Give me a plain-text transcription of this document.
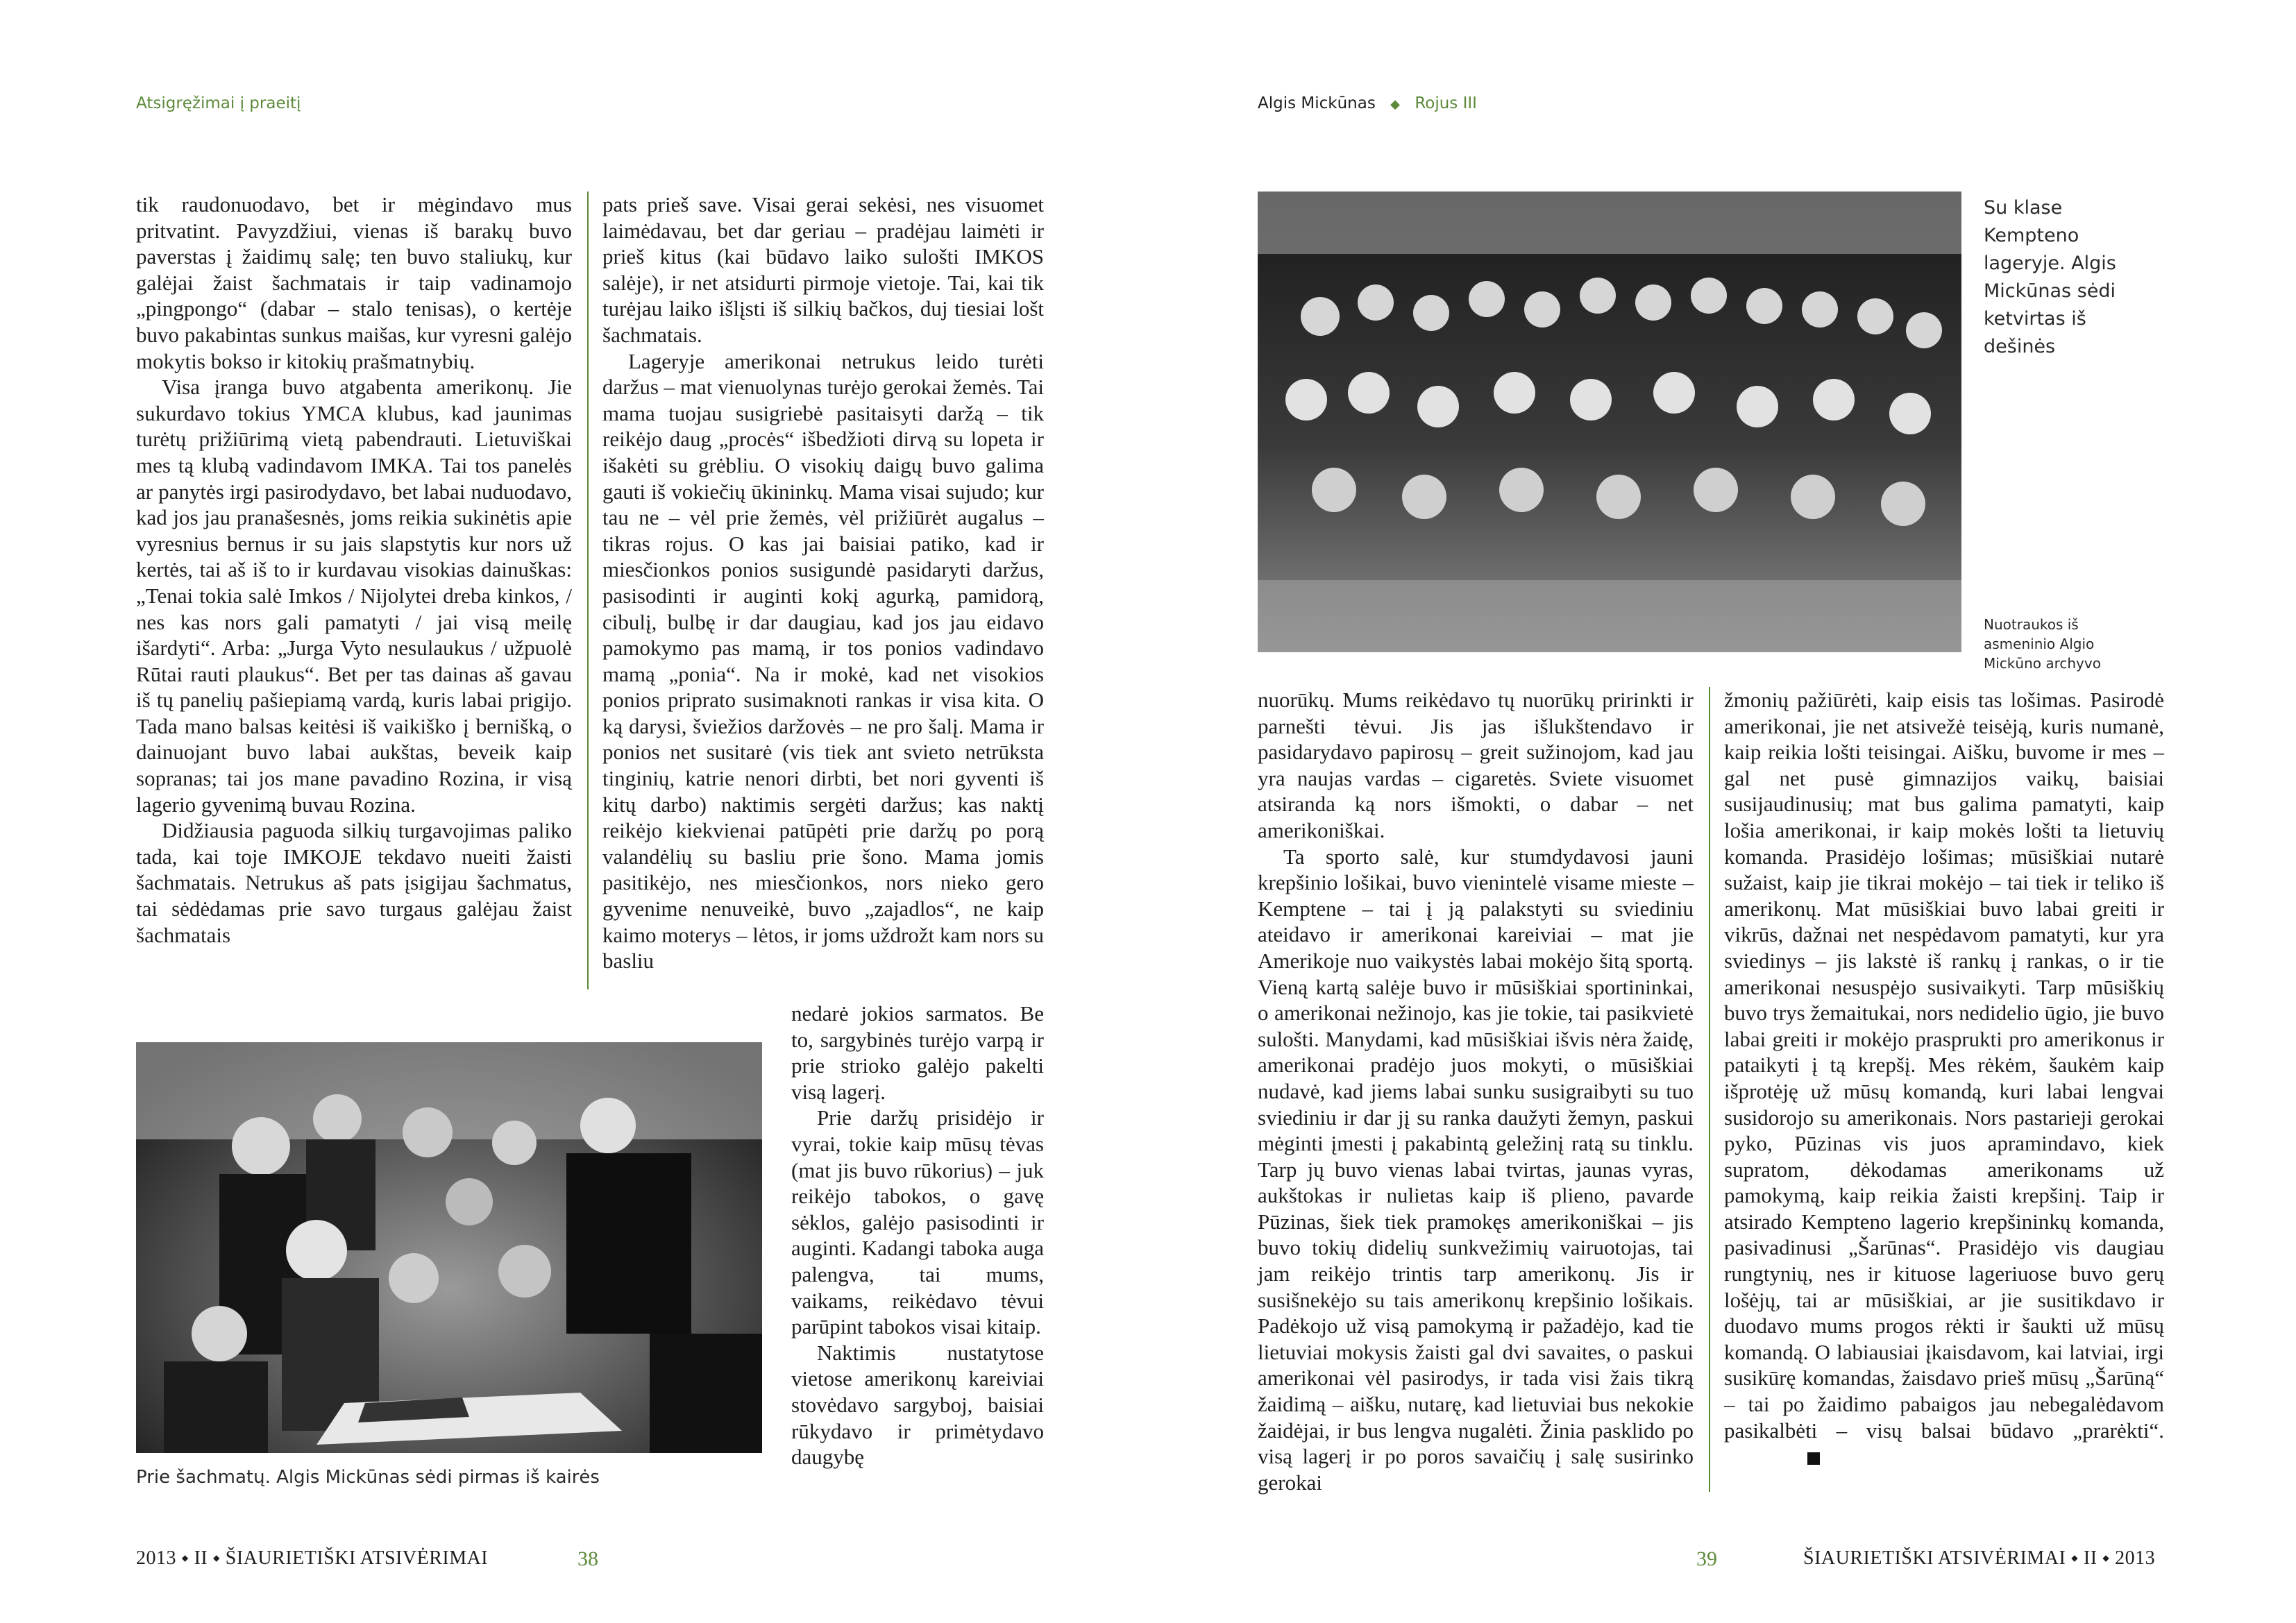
Atsigręžimai į praeitį

tik raudonuodavo, bet ir mėgindavo mus pritvatint. Pavyzdžiui, vienas iš barakų buvo paverstas į žaidimų salę; ten buvo staliukų, kur galėjai žaist šachmatais ir taip vadinamojo „pingpongo“ (dabar – stalo tenisas), o kertėje buvo pakabintas sunkus maišas, kur vyresni galėjo mokytis bokso ir kitokių prašmatnybių.

Visa įranga buvo atgabenta amerikonų. Jie sukurdavo tokius YMCA klubus, kad jaunimas turėtų prižiūrimą vietą pabendrauti. Lietuviškai mes tą klubą vadindavom IMKA. Tai tos panelės ar panytės irgi pasirodydavo, bet labai nuduodavo, kad jos jau pranašesnės, joms reikia sukinėtis apie vyresnius bernus ir su jais slapstytis kur nors už kertės, tai aš iš to ir kurdavau visokias dainuškas: „Tenai tokia salė Imkos / Nijolytei dreba kinkos, / nes kas nors gali pamatyti / jai visą meilę išardyti“. Arba: „Jurga Vyto nesulaukus / užpuolė Rūtai rauti plaukus“. Bet per tas dainas aš gavau iš tų panelių pašiepiamą vardą, kuris labai prigijo. Tada mano balsas keitėsi iš vaikiško į bernišką, o dainuojant buvo labai aukštas, beveik kaip sopranas; tai jos mane pavadino Rozina, ir visą lagerio gyvenimą buvau Rozina.

Didžiausia paguoda silkių turgavojimas paliko tada, kai toje IMKOJE tekdavo nueiti žaisti šachmatais. Netrukus aš pats įsigijau šachmatus, tai sėdėdamas prie savo turgaus galėjau žaist šachmatais

pats prieš save. Visai gerai sekėsi, nes visuomet laimėdavau, bet dar geriau – pradėjau laimėti ir prieš kitus (kai būdavo laiko sulošti IMKOS salėje), ir net atsidurti pirmoje vietoje. Tai, kai tik turėjau laiko išlįsti iš silkių bačkos, duj tiesiai lošt šachmatais.

Lageryje amerikonai netrukus leido turėti daržus – mat vienuolynas turėjo gerokai žemės. Tai mama tuojau susigriebė pasitaisyti daržą – tik reikėjo daug „procės“ išbedžioti dirvą su lopeta ir išakėti su grėbliu. O visokių daigų buvo galima gauti iš vokiečių ūkininkų. Mama visai sujudo; kur tau ne – vėl prie žemės, vėl prižiūrėt augalus – tikras rojus. O kas jai baisiai patiko, kad ir miesčionkos ponios susigundė pasidaryti daržus, pasisodinti ir auginti kokį agurką, pamidorą, cibulį, bulbę ir dar daugiau, kad jos jau eidavo pamokymo pas mamą, ir tos ponios vadindavo mamą „ponia“. Na ir mokė, kad net visokios ponios priprato susimaknoti rankas ir visa kita. O ką darysi, šviežios daržovės – ne pro šalį. Mama ir ponios net susitarė (vis tiek ant svieto netrūksta tinginių, katrie nenori dirbti, bet nori gyventi iš kitų darbo) naktimis sergėti daržus; kas naktį reikėjo kiekvienai patūpėti prie daržų po porą valandėlių su basliu prie šono. Mama jomis pasitikėjo, nes miesčionkos, nors nieko gero gyvenime nenuveikė, buvo „zajadlos“, ne kaip kaimo moterys – lėtos, ir joms uždrožt kam nors su basliu

nedarė jokios sarmatos. Be to, sargybinės turėjo varpą ir prie strioko galėjo pakelti visą lagerį.

Prie daržų prisidėjo ir vyrai, tokie kaip mūsų tėvas (mat jis buvo rūkorius) – juk reikėjo tabokos, o gavę sėklos, galėjo pasisodinti ir auginti. Kadangi taboka auga palengva, tai mums, vaikams, reikėdavo tėvui parūpint tabokos visai kitaip.

Naktimis nustatytose vietose amerikonų kareiviai stovėdavo sargyboj, baisiai rūkydavo ir primėtydavo daugybę

Prie šachmatų. Algis Mickūnas sėdi pirmas iš kairės
2013 ⬩ II ⬩ ŠIAURIETIŠKI ATSIVĖRIMAI	38
Algis Mickūnas ◆ Rojus III
Su klase Kempteno lageryje. Algis Mickūnas sėdi ketvirtas iš dešinės
Nuotraukos iš asmeninio Algio Mickūno archyvo

nuorūkų. Mums reikėdavo tų nuorūkų pririnkti ir parnešti tėvui. Jis jas išlukštendavo ir pasidarydavo papirosų – greit sužinojom, kad jau yra naujas vardas – cigaretės. Sviete visuomet atsiranda ką nors išmokti, o dabar – net amerikoniškai.

Ta sporto salė, kur stumdydavosi jauni krepšinio lošikai, buvo vienintelė visame mieste – Kemptene – tai į ją palakstyti su sviediniu ateidavo ir amerikonai kareiviai – mat jie Amerikoje nuo vaikystės labai mokėjo šitą sportą. Vieną kartą salėje buvo ir mūsiškiai sportininkai, o amerikonai nežinojo, kas jie tokie, tai pasikvietė sulošti. Manydami, kad mūsiškiai išvis nėra žaidę, amerikonai pradėjo juos mokyti, o mūsiškiai nudavė, kad jiems labai sunku susigraibyti su tuo sviediniu ir dar jį su ranka daužyti žemyn, paskui mėginti įmesti į pakabintą geležinį ratą su tinklu. Tarp jų buvo vienas labai tvirtas, jaunas vyras, aukštokas ir nulietas kaip iš plieno, pavarde Pūzinas, šiek tiek pramokęs amerikoniškai – jis buvo tokių didelių sunkvežimių vairuotojas, tai jam reikėjo trintis tarp amerikonų. Jis ir susišnekėjo su tais amerikonų krepšinio lošikais. Padėkojo už visą pamokymą ir pažadėjo, kad tie lietuviai mokysis žaisti gal dvi savaites, o paskui amerikonai vėl pasirodys, ir tada visi žais tikrą žaidimą – aišku, nutarę, kad lietuviai bus nekokie žaidėjai, ir bus lengva nugalėti. Žinia pasklido po visą lagerį ir po poros savaičių į salę susirinko gerokai

žmonių pažiūrėti, kaip eisis tas lošimas. Pasirodė amerikonai, jie net atsivežė teisėją, kuris numanė, kaip reikia lošti teisingai. Aišku, buvome ir mes – gal net pusė gimnazijos vaikų, baisiai susijaudinusių; mat bus galima pamatyti, kaip lošia amerikonai, ir kaip mokės lošti ta lietuvių komanda. Prasidėjo lošimas; mūsiškiai nutarė sužaist, kaip jie tikrai mokėjo – tai tiek ir teliko iš amerikonų. Mat mūsiškiai buvo labai greiti ir vikrūs, dažnai net nespėdavom pamatyti, kur yra sviedinys – jis lakstė iš rankų į rankas, o ir tie amerikonai nesuspėjo susivaikyti. Tarp mūsiškių buvo trys žemaitukai, nors nedidelio ūgio, jie buvo labai greiti ir mokėjo prasprukti pro amerikonus ir pataikyti į tą krepšį. Mes rėkėm, šaukėm kaip išprotėję už mūsų komandą, kuri labai lengvai susidorojo su amerikonais. Nors pastarieji gerokai pyko, Pūzinas vis juos apramindavo, kiek supratom, dėkodamas amerikonams už pamokymą, kaip reikia žaisti krepšinį. Taip ir atsirado Kempteno lagerio krepšininkų komanda, pasivadinusi „Šarūnas“. Prasidėjo vis daugiau rungtynių, nes ir kituose lageriuose buvo gerų lošėjų, tai ar mūsiškiai, ar jie susitikdavo ir duodavo mums progos rėkti ir šaukti už mūsų komandą. O labiausiai įkaisdavom, kai latviai, irgi susikūrę komandas, žaisdavo prieš mūsų „Šarūną“ – tai po žaidimo pabaigos jau nebegalėdavom pasikalbėti – visų balsai būdavo „prarėkti“.

39	ŠIAURIETIŠKI ATSIVĖRIMAI ⬩ II ⬩ 2013
